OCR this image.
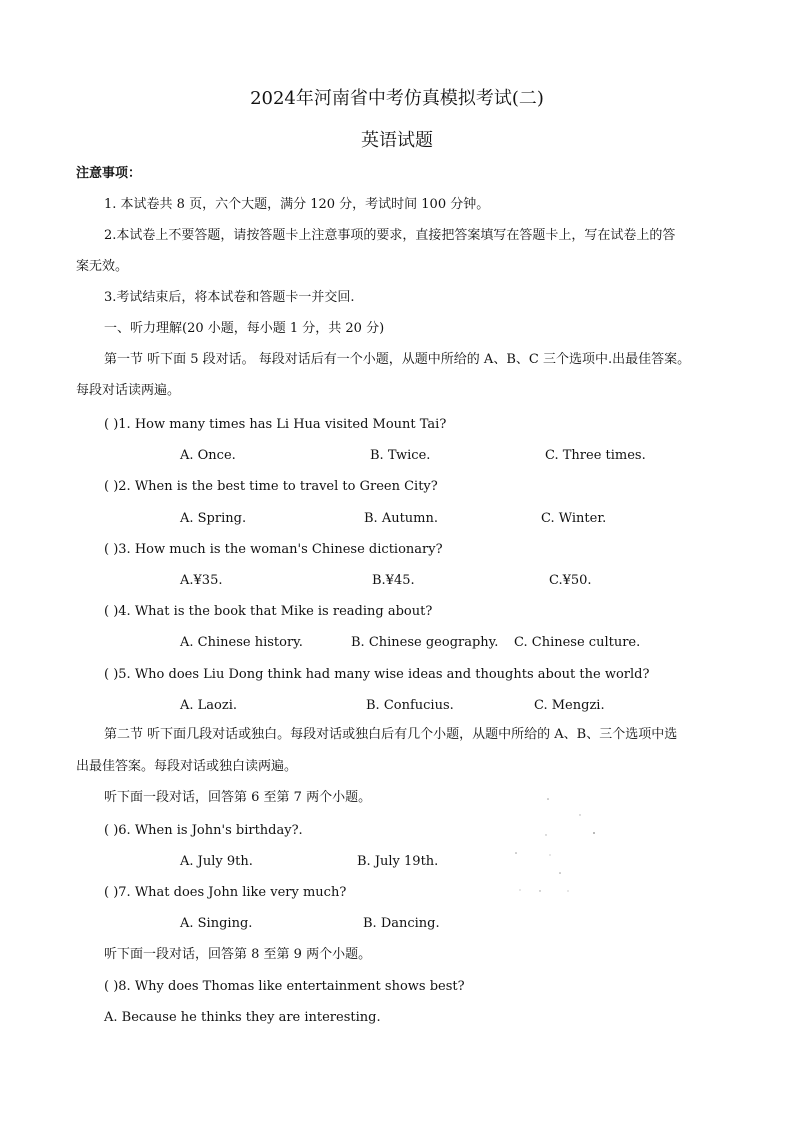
2024年河南省中考仿真模拟考试(二)
英语试题
注意事项：
1. 本试卷共 8 页，六个大题，满分 120 分，考试时间 100 分钟。
2.本试卷上不要答题，请按答题卡上注意事项的要求，直接把答案填写在答题卡上，写在试卷上的答
案无效。
3.考试结束后，将本试卷和答题卡一并交回.
一、听力理解(20 小题，每小题 1 分，共 20 分)
第一节 听下面 5 段对话。 每段对话后有一个小题，从题中所给的 A、B、C 三个选项中.出最佳答案。
每段对话读两遍。
( )1. How many times has Li Hua visited Mount Tai?
A. Once.	B. Twice.	C. Three times.
( )2. When is the best time to travel to Green City?
A. Spring.	B. Autumn.	C. Winter.
( )3. How much is the woman's Chinese dictionary?
A.¥35.	B.¥45.	C.¥50.
( )4. What is the book that Mike is reading about?
A. Chinese history.	B. Chinese geography. C. Chinese culture.
( )5. Who does Liu Dong think had many wise ideas and thoughts about the world?
A. Laozi.	B. Confucius.	C. Mengzi.
第二节 听下面几段对话或独白。每段对话或独白后有几个小题，从题中所给的 A、B、三个选项中选
出最佳答案。每段对话或独白读两遍。
听下面一段对话，回答第 6 至第 7 两个小题。
( )6. When is John's birthday?.
A. July 9th.	B. July 19th.
( )7. What does John like very much?
A. Singing.	B. Dancing.
听下面一段对话，回答第 8 至第 9 两个小题。
( )8. Why does Thomas like entertainment shows best?
A. Because he thinks they are interesting.
